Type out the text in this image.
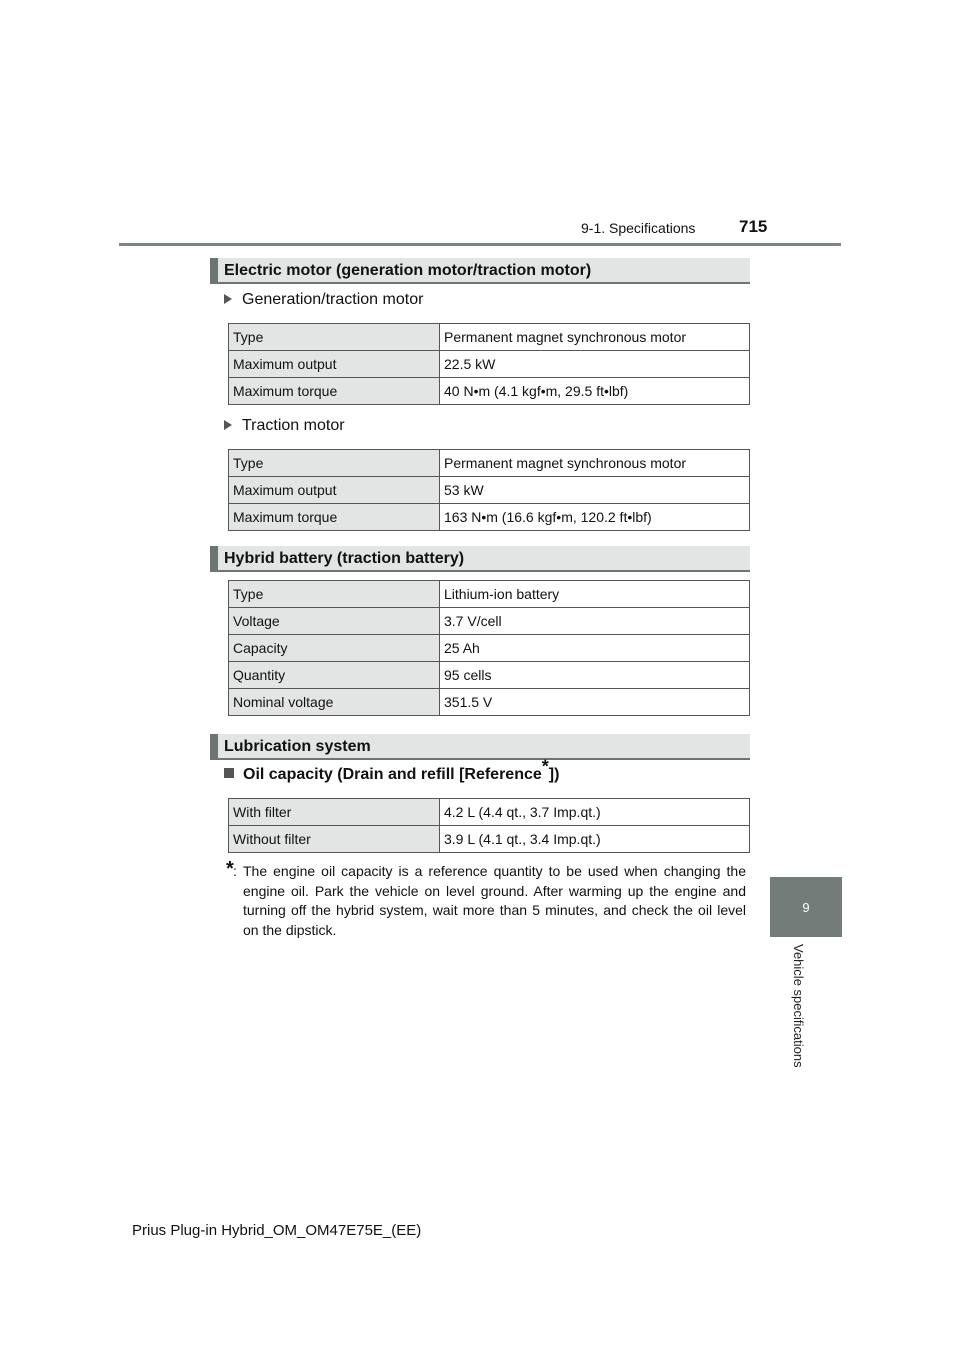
9-1. Specifications	715
9
Vehicle specifications
Electric motor (generation motor/traction motor)
Generation/traction motor
Type	Permanent magnet synchronous motor
Maximum output	22.5 kW
Maximum torque	40 N•m (4.1 kgf•m, 29.5 ft•lbf)
Traction motor
Type	Permanent magnet synchronous motor
Maximum output	53 kW
Maximum torque	163 N•m (16.6 kgf•m, 120.2 ft•lbf)
Hybrid battery (traction battery)
Type	Lithium-ion battery
Voltage	3.7 V/cell
Capacity	25 Ah
Quantity	95 cells
Nominal voltage	351.5 V
Lubrication system
Oil capacity (Drain and refill [Reference*])
With filter	4.2 L (4.4 qt., 3.7 Imp.qt.)
Without filter	3.9 L (4.1 qt., 3.4 Imp.qt.)
* : The engine oil capacity is a reference quantity to be used when changing the engine oil. Park the vehicle on level ground. After warming up the engine and turning off the hybrid system, wait more than 5 minutes, and check the oil level on the dipstick.
Prius Plug-in Hybrid_OM_OM47E75E_(EE)
